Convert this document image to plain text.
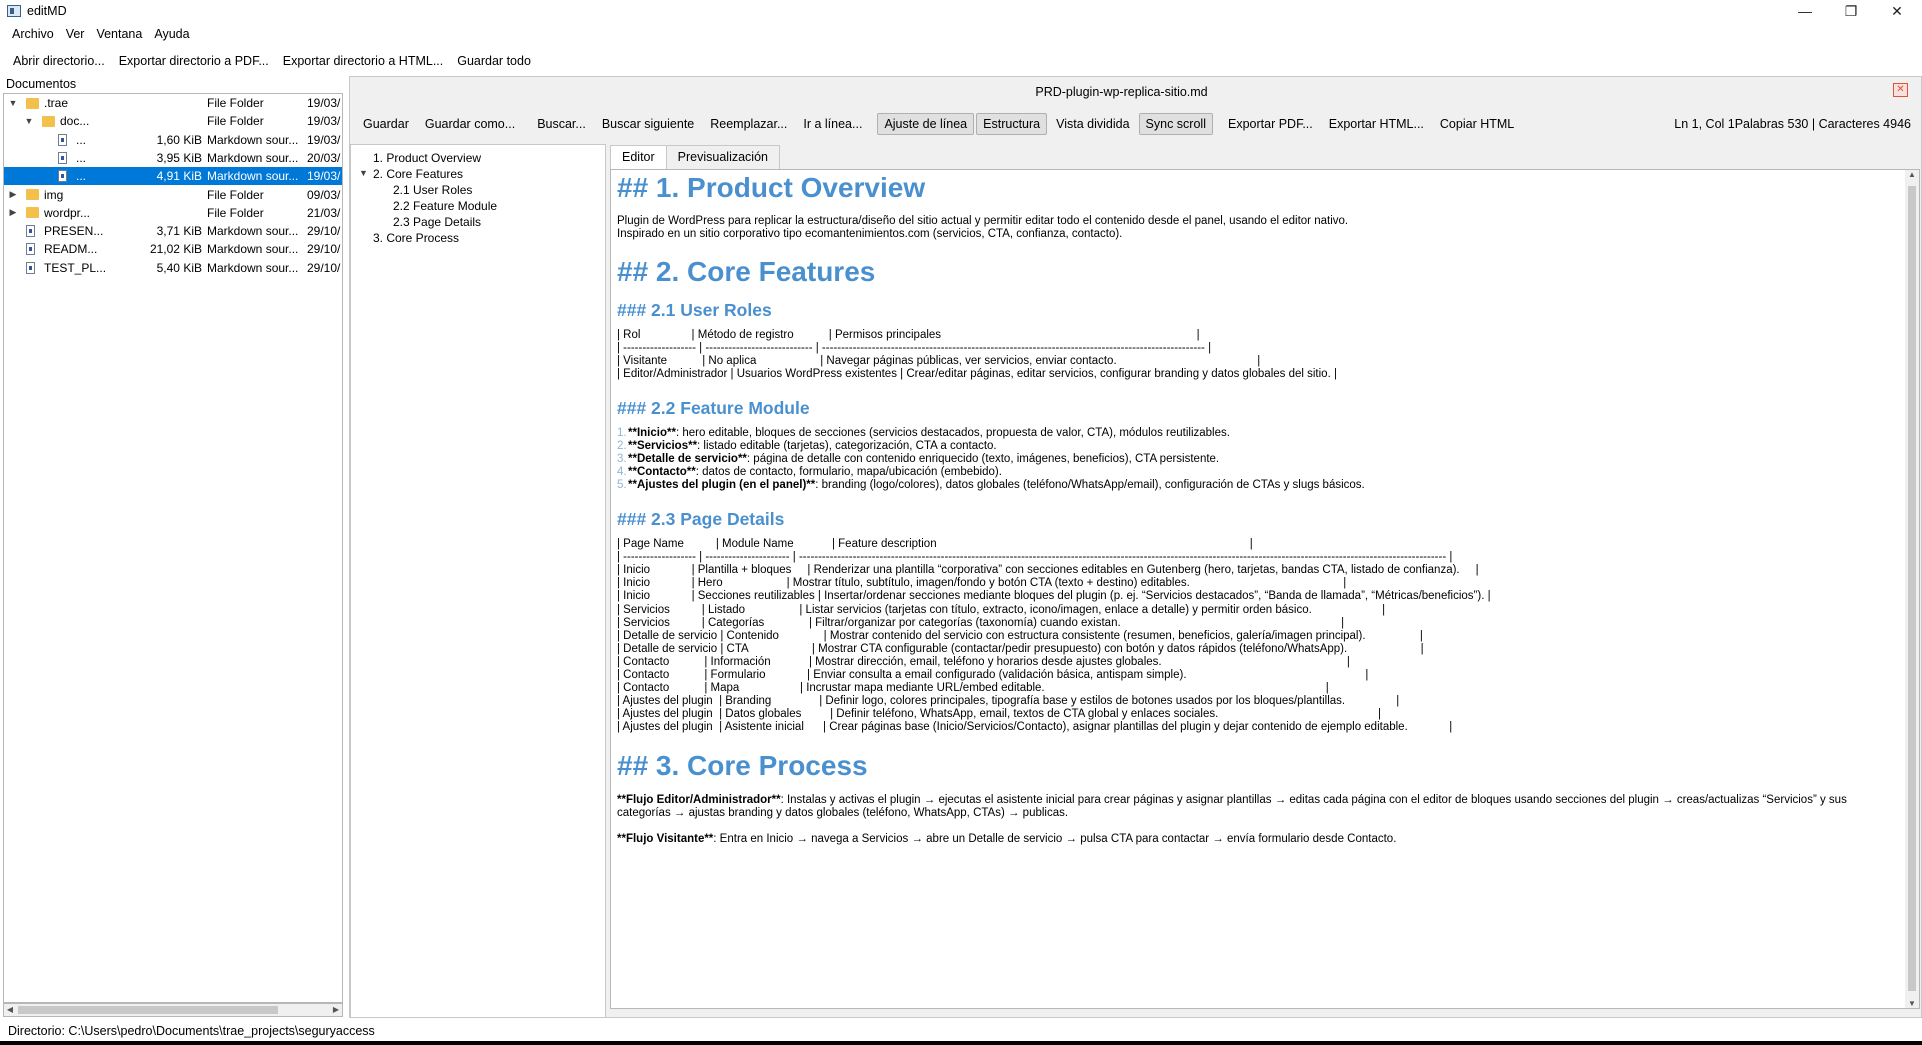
editMD	—	❐	✕
Archivo Ver Ventana Ayuda
Abrir directorio...	Exportar directorio a PDF...	Exportar directorio a HTML...	Guardar todo
Documentos
▼ .trae	File Folder	19/03/
▼ doc...	File Folder	19/03/
...	1,60 KiB Markdown sour... 19/03/
...	3,95 KiB Markdown sour... 20/03/
...	4,91 KiB Markdown sour... 19/03/
▶ img	File Folder	09/03/
▶ wordpr...	File Folder	21/03/
PRESEN...	3,71 KiB Markdown sour... 29/10/
READM...	21,02 KiB Markdown sour... 29/10/
TEST_PL...	5,40 KiB Markdown sour... 29/10/
◀	▶
PRD-plugin-wp-replica-sitio.md	✕
Guardar	Guardar como...	Buscar...	Buscar siguiente	Reemplazar...	Ir a línea...	Ajuste de línea	Estructura	Vista dividida	Sync scroll	Exportar PDF...	Exportar HTML...	Copiar HTML	Ln 1, Col 1Palabras 530 | Caracteres 4946
1. Product Overview
▼ 2. Core Features
2.1 User Roles
2.2 Feature Module
2.3 Page Details
3. Core Process
Editor	Previsualización
## 1. Product Overview
Plugin de WordPress para replicar la estructura/diseño del sitio actual y permitir editar todo el contenido desde el panel, usando el editor nativo.
Inspirado en un sitio corporativo tipo ecomantenimientos.com (servicios, CTA, confianza, contacto).
## 2. Core Features
### 2.1 User Roles
| Rol                | Método de registro           | Permisos principales                                                                                |
| ------------------- | ---------------------------- | ---------------------------------------------------------------------------------------------------- |
| Visitante           | No aplica                    | Navegar páginas públicas, ver servicios, enviar contacto.                                            |
| Editor/Administrador | Usuarios WordPress existentes | Crear/editar páginas, editar servicios, configurar branding y datos globales del sitio. |
### 2.2 Feature Module
1.**Inicio**: hero editable, bloques de secciones (servicios destacados, propuesta de valor, CTA), módulos reutilizables.
2.**Servicios**: listado editable (tarjetas), categorización, CTA a contacto.
3.**Detalle de servicio**: página de detalle con contenido enriquecido (texto, imágenes, beneficios), CTA persistente.
4.**Contacto**: datos de contacto, formulario, mapa/ubicación (embebido).
5.**Ajustes del plugin (en el panel)**: branding (logo/colores), datos globales (teléfono/WhatsApp/email), configuración de CTAs y slugs básicos.
### 2.3 Page Details
| Page Name          | Module Name            | Feature description                                                                                                  |
| ------------------- | ---------------------- | ------------------------------------------------------------------------------------------------------------------------------------------------------------------------- |
| Inicio             | Plantilla + bloques     | Renderizar una plantilla “corporativa” con secciones editables en Gutenberg (hero, tarjetas, bandas CTA, listado de confianza).     |
| Inicio             | Hero                    | Mostrar título, subtítulo, imagen/fondo y botón CTA (texto + destino) editables.                                                |
| Inicio             | Secciones reutilizables | Insertar/ordenar secciones mediante bloques del plugin (p. ej. “Servicios destacados”, “Banda de llamada”, “Métricas/beneficios”). |
| Servicios          | Listado                 | Listar servicios (tarjetas con título, extracto, icono/imagen, enlace a detalle) y permitir orden básico.                      |
| Servicios          | Categorías              | Filtrar/organizar por categorías (taxonomía) cuando existan.                                                                     |
| Detalle de servicio | Contenido              | Mostrar contenido del servicio con estructura consistente (resumen, beneficios, galería/imagen principal).                 |
| Detalle de servicio | CTA                    | Mostrar CTA configurable (contactar/pedir presupuesto) con botón y datos rápidos (teléfono/WhatsApp).                       |
| Contacto           | Información            | Mostrar dirección, email, teléfono y horarios desde ajustes globales.                                                          |
| Contacto           | Formulario             | Enviar consulta a email configurado (validación básica, antispam simple).                                                        |
| Contacto           | Mapa                   | Incrustar mapa mediante URL/embed editable.                                                                                        |
| Ajustes del plugin  | Branding               | Definir logo, colores principales, tipografía base y estilos de botones usados por los bloques/plantillas.                |
| Ajustes del plugin  | Datos globales         | Definir teléfono, WhatsApp, email, textos de CTA global y enlaces sociales.                                                  |
| Ajustes del plugin  | Asistente inicial      | Crear páginas base (Inicio/Servicios/Contacto), asignar plantillas del plugin y dejar contenido de ejemplo editable.             |
## 3. Core Process
**Flujo Editor/Administrador**: Instalas y activas el plugin → ejecutas el asistente inicial para crear páginas y asignar plantillas → editas cada página con el editor de bloques usando secciones del plugin → creas/actualizas “Servicios” y sus
categorías → ajustas branding y datos globales (teléfono, WhatsApp, CTAs) → publicas.
**Flujo Visitante**: Entra en Inicio → navega a Servicios → abre un Detalle de servicio → pulsa CTA para contactar → envía formulario desde Contacto.
▲
▼
Directorio: C:\Users\pedro\Documents\trae_projects\seguryaccess
